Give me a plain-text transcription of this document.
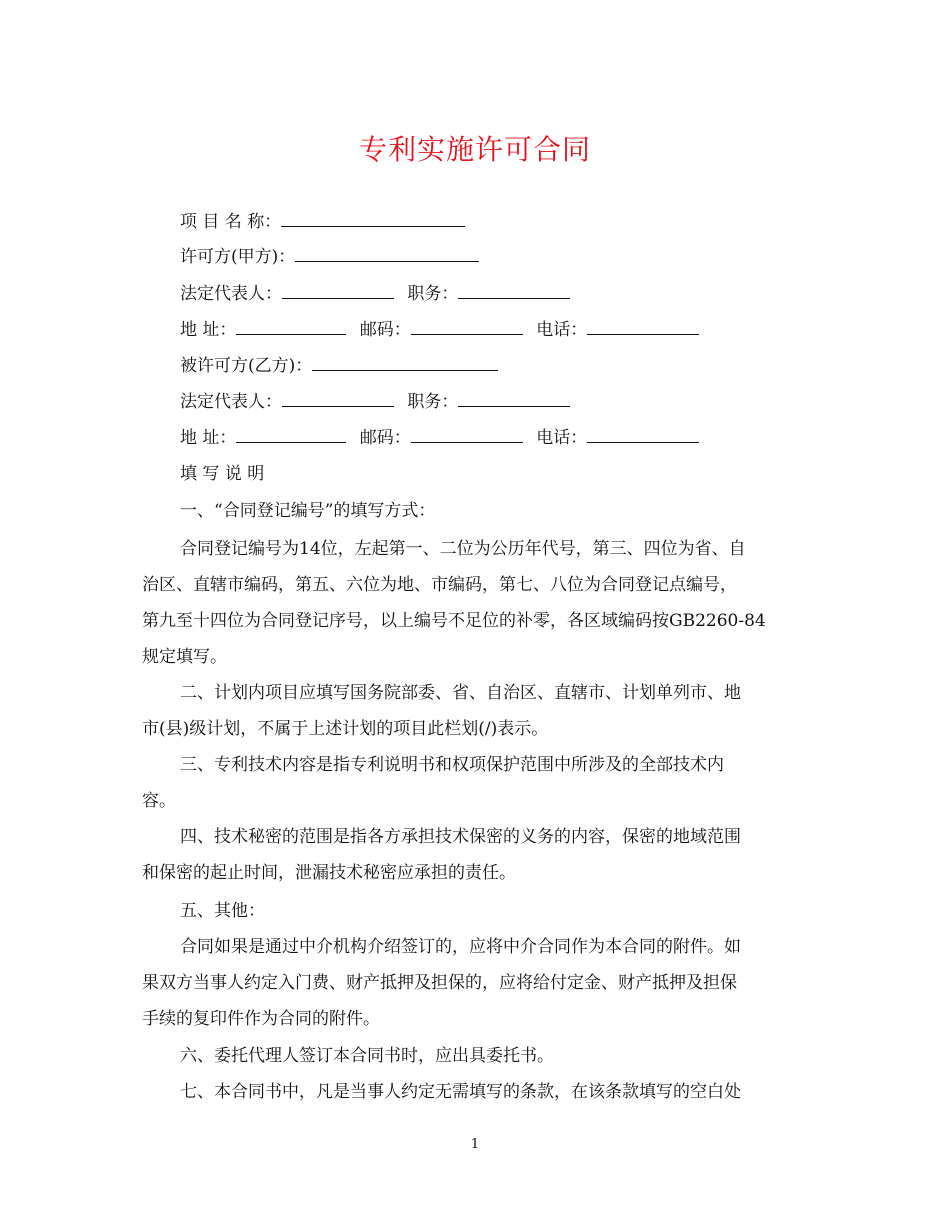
专利实施许可合同
项 目 名 称：
许可方(甲方)：
法定代表人：	职务：
地 址：	邮码：	电话：
被许可方(乙方)：
法定代表人：	职务：
地 址：	邮码：	电话：
填 写 说 明
一、“合同登记编号”的填写方式：
合同登记编号为14位，左起第一、二位为公历年代号，第三、四位为省、自
治区、直辖市编码，第五、六位为地、市编码，第七、八位为合同登记点编号，
第九至十四位为合同登记序号，以上编号不足位的补零，各区域编码按GB2260-84
规定填写。
二、计划内项目应填写国务院部委、省、自治区、直辖市、计划单列市、地
市(县)级计划，不属于上述计划的项目此栏划(/)表示。
三、专利技术内容是指专利说明书和权项保护范围中所涉及的全部技术内
容。
四、技术秘密的范围是指各方承担技术保密的义务的内容，保密的地域范围
和保密的起止时间，泄漏技术秘密应承担的责任。
五、其他：
合同如果是通过中介机构介绍签订的，应将中介合同作为本合同的附件。如
果双方当事人约定入门费、财产抵押及担保的，应将给付定金、财产抵押及担保
手续的复印件作为合同的附件。
六、委托代理人签订本合同书时，应出具委托书。
七、本合同书中，凡是当事人约定无需填写的条款，在该条款填写的空白处
1
